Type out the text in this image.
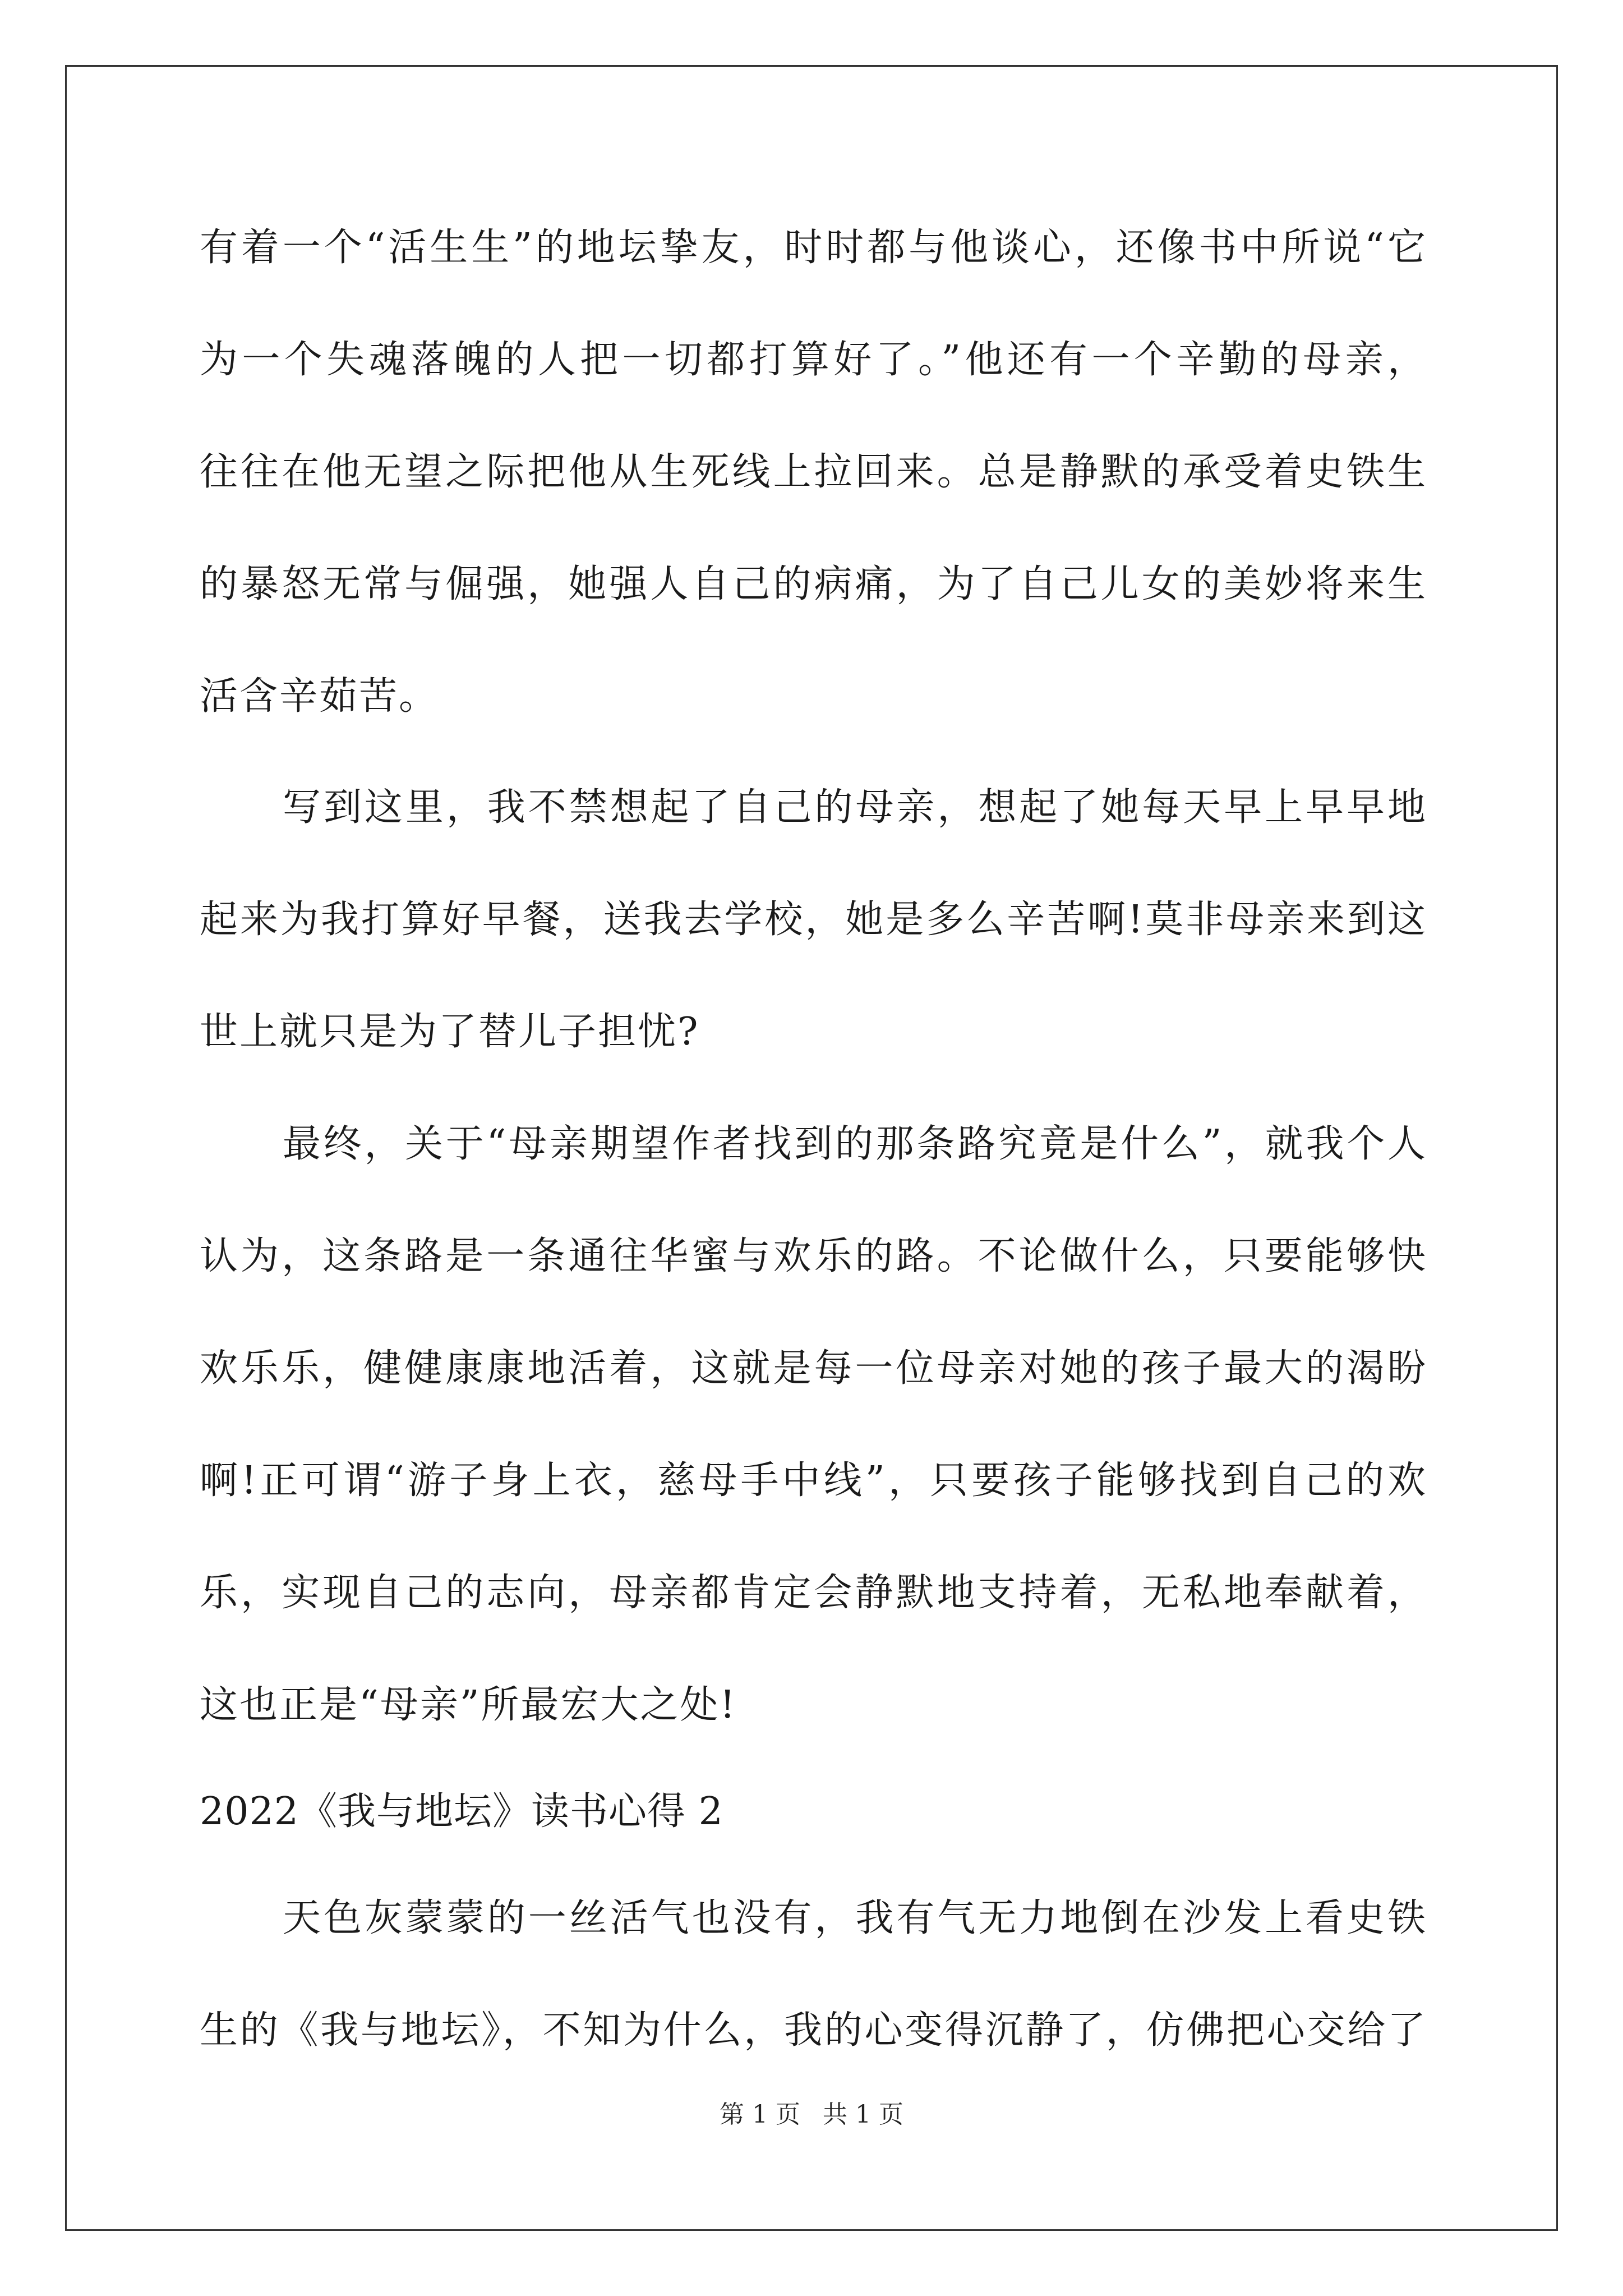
有着一个“活生生”的地坛挚友，时时都与他谈心，还像书中所说“它
为一个失魂落魄的人把一切都打算好了。”他还有一个辛勤的母亲，
往往在他无望之际把他从生死线上拉回来。总是静默的承受着史铁生
的暴怒无常与倔强，她强人自己的病痛，为了自己儿女的美妙将来生
活含辛茹苦。
写到这里，我不禁想起了自己的母亲，想起了她每天早上早早地
起来为我打算好早餐，送我去学校，她是多么辛苦啊!莫非母亲来到这
世上就只是为了替儿子担忧?
最终，关于“母亲期望作者找到的那条路究竟是什么”，就我个人
认为，这条路是一条通往华蜜与欢乐的路。不论做什么，只要能够快
欢乐乐，健健康康地活着，这就是每一位母亲对她的孩子最大的渴盼
啊!正可谓“游子身上衣，慈母手中线”，只要孩子能够找到自己的欢
乐，实现自己的志向，母亲都肯定会静默地支持着，无私地奉献着，
这也正是“母亲”所最宏大之处!
2022《我与地坛》读书心得 2
天色灰蒙蒙的一丝活气也没有，我有气无力地倒在沙发上看史铁
生的《我与地坛》，不知为什么，我的心变得沉静了，仿佛把心交给了
第 1 页 共 1 页
